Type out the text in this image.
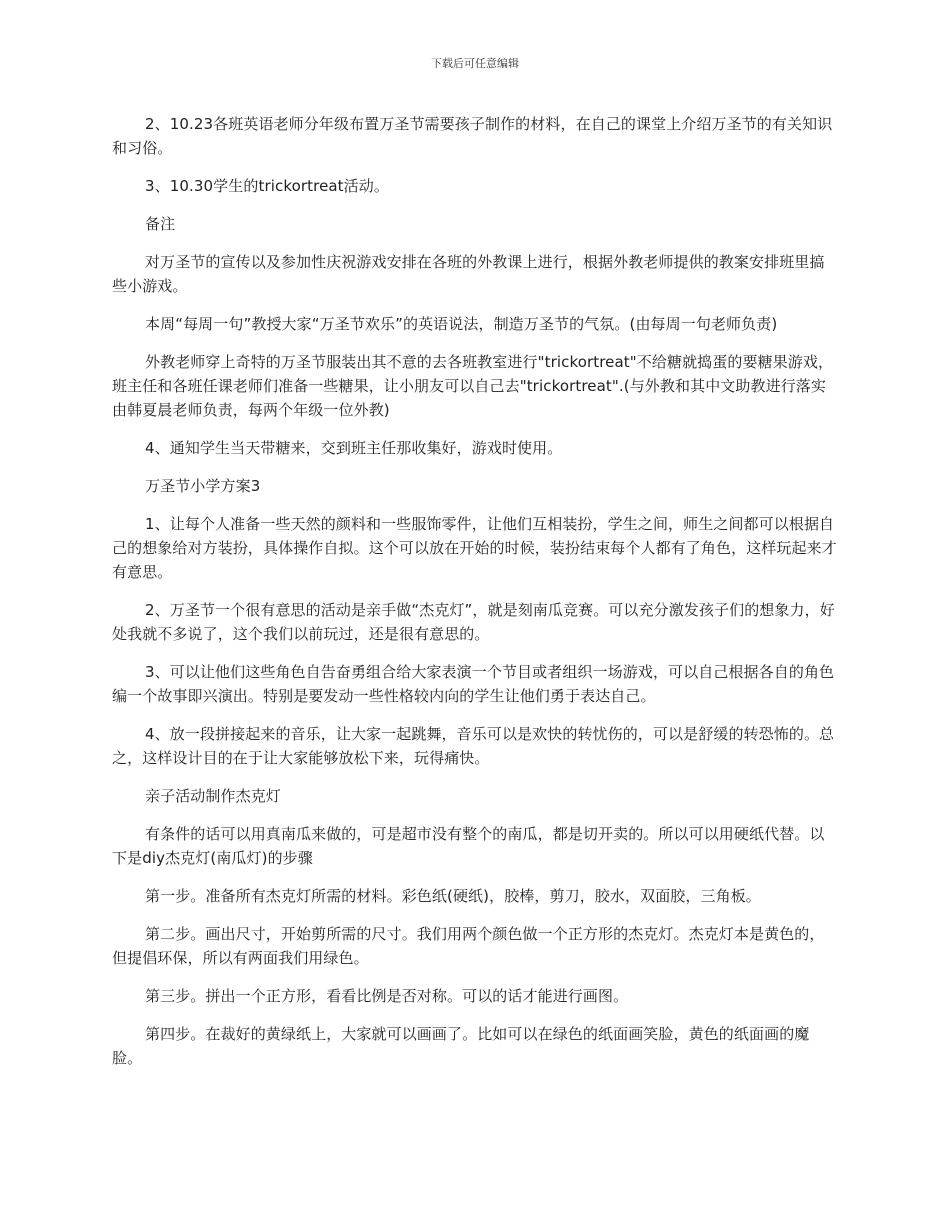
下载后可任意编辑

2、10.23各班英语老师分年级布置万圣节需要孩子制作的材料，在自己的课堂上介绍万圣节的有关知识和习俗。

3、10.30学生的trickortreat活动。

备注

对万圣节的宣传以及参加性庆祝游戏安排在各班的外教课上进行，根据外教老师提供的教案安排班里搞些小游戏。

本周“每周一句”教授大家“万圣节欢乐”的英语说法，制造万圣节的气氛。(由每周一句老师负责)

外教老师穿上奇特的万圣节服装出其不意的去各班教室进行"trickortreat"不给糖就捣蛋的要糖果游戏，班主任和各班任课老师们准备一些糖果，让小朋友可以自己去"trickortreat".(与外教和其中文助教进行落实由韩夏晨老师负责，每两个年级一位外教)

4、通知学生当天带糖来，交到班主任那收集好，游戏时使用。

万圣节小学方案3

1、让每个人准备一些天然的颜料和一些服饰零件，让他们互相装扮，学生之间，师生之间都可以根据自己的想象给对方装扮，具体操作自拟。这个可以放在开始的时候，装扮结束每个人都有了角色，这样玩起来才有意思。

2、万圣节一个很有意思的活动是亲手做“杰克灯”，就是刻南瓜竞赛。可以充分激发孩子们的想象力，好处我就不多说了，这个我们以前玩过，还是很有意思的。

3、可以让他们这些角色自告奋勇组合给大家表演一个节目或者组织一场游戏，可以自己根据各自的角色编一个故事即兴演出。特别是要发动一些性格较内向的学生让他们勇于表达自己。

4、放一段拼接起来的音乐，让大家一起跳舞，音乐可以是欢快的转忧伤的，可以是舒缓的转恐怖的。总之，这样设计目的在于让大家能够放松下来，玩得痛快。

亲子活动制作杰克灯

有条件的话可以用真南瓜来做的，可是超市没有整个的南瓜，都是切开卖的。所以可以用硬纸代替。以下是diy杰克灯(南瓜灯)的步骤

第一步。准备所有杰克灯所需的材料。彩色纸(硬纸)，胶棒，剪刀，胶水，双面胶，三角板。

第二步。画出尺寸，开始剪所需的尺寸。我们用两个颜色做一个正方形的杰克灯。杰克灯本是黄色的，但提倡环保，所以有两面我们用绿色。

第三步。拼出一个正方形，看看比例是否对称。可以的话才能进行画图。

第四步。在裁好的黄绿纸上，大家就可以画画了。比如可以在绿色的纸面画笑脸，黄色的纸面画的魔脸。
